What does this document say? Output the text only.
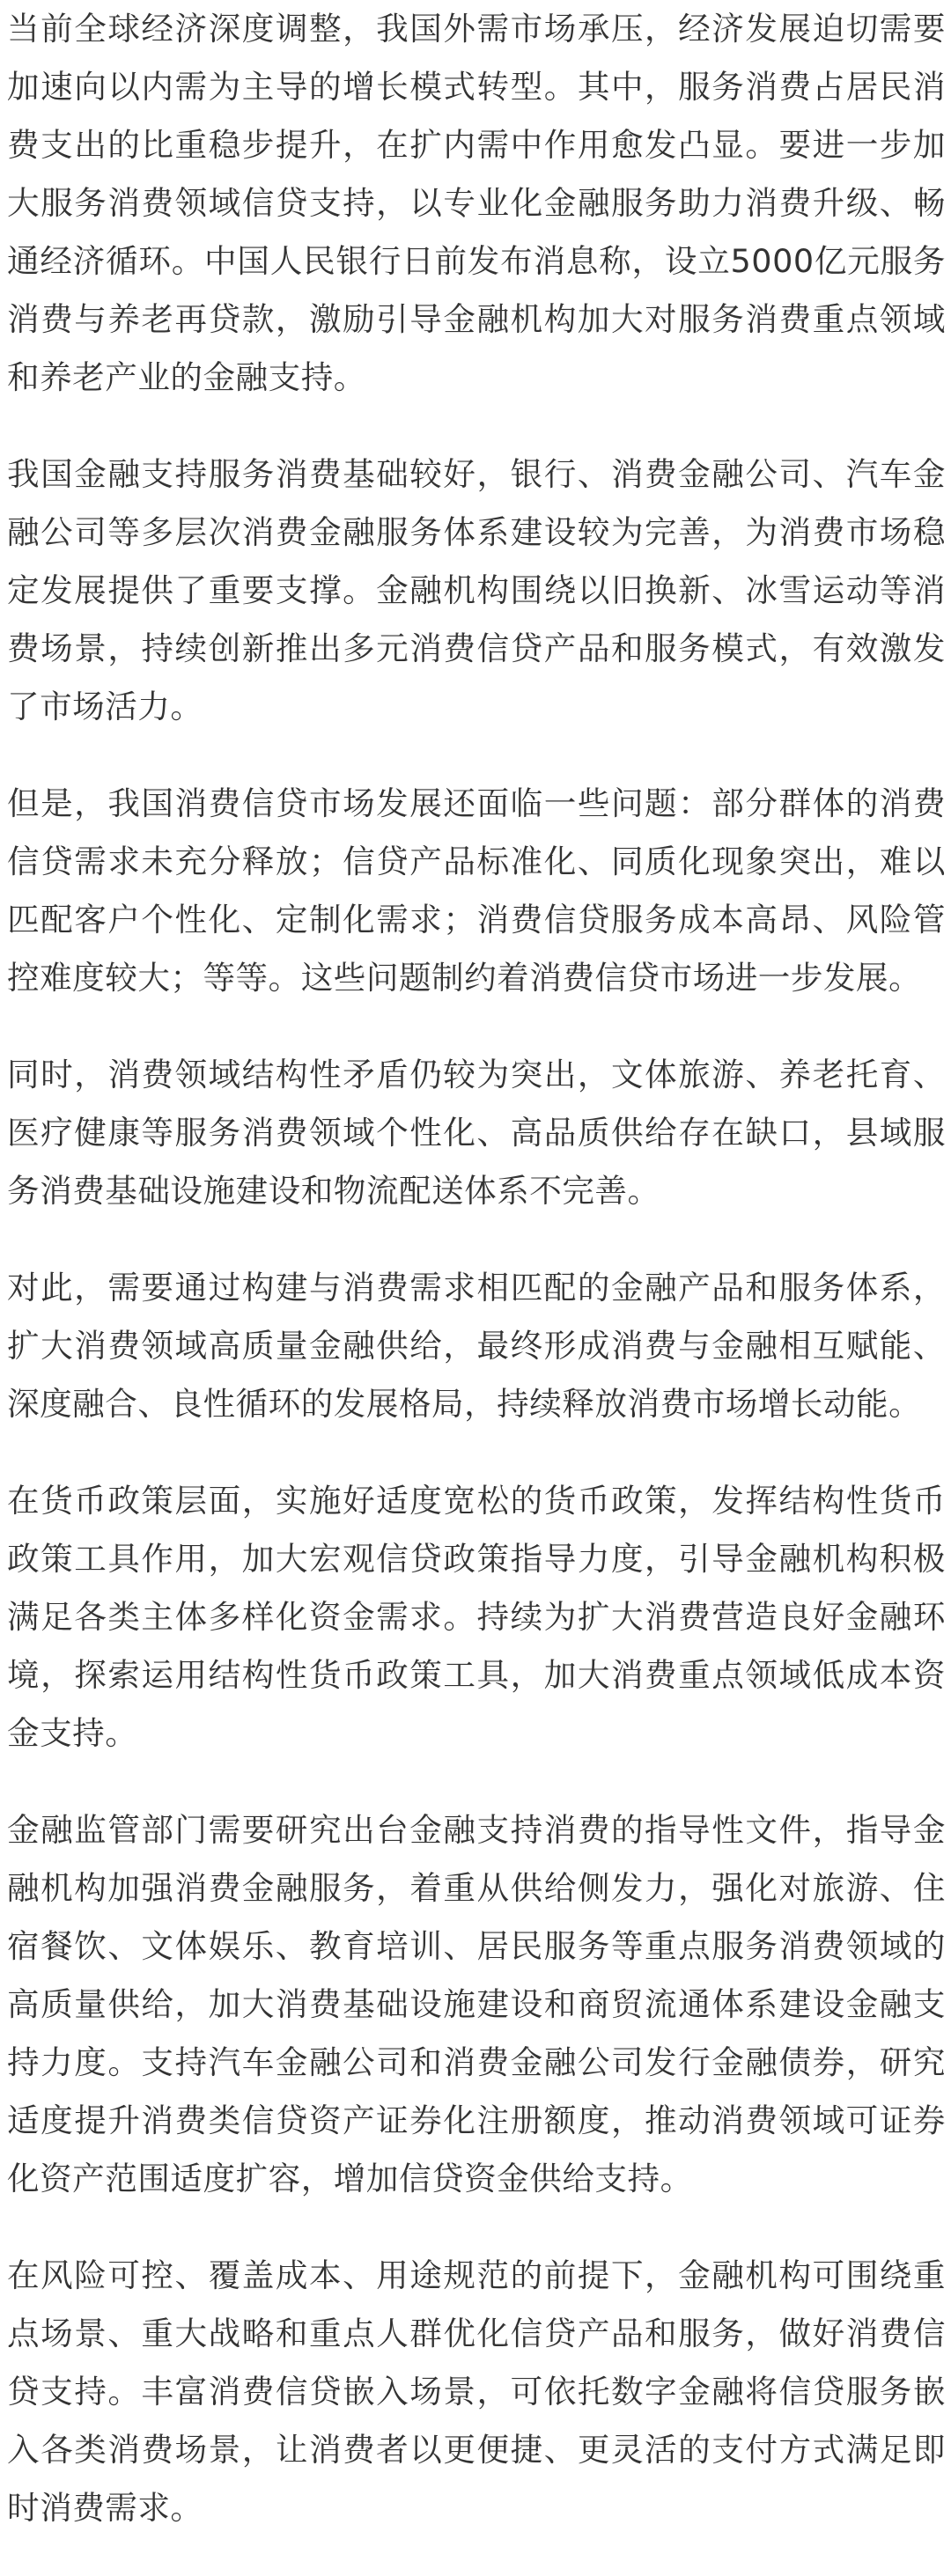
当前全球经济深度调整，我国外需市场承压，经济发展迫切需要加速向以内需为主导的增长模式转型。其中，服务消费占居民消费支出的比重稳步提升，在扩内需中作用愈发凸显。要进一步加大服务消费领域信贷支持，以专业化金融服务助力消费升级、畅通经济循环。中国人民银行日前发布消息称，设立5000亿元服务消费与养老再贷款，激励引导金融机构加大对服务消费重点领域和养老产业的金融支持。

我国金融支持服务消费基础较好，银行、消费金融公司、汽车金融公司等多层次消费金融服务体系建设较为完善，为消费市场稳定发展提供了重要支撑。金融机构围绕以旧换新、冰雪运动等消费场景，持续创新推出多元消费信贷产品和服务模式，有效激发了市场活力。

但是，我国消费信贷市场发展还面临一些问题：部分群体的消费信贷需求未充分释放；信贷产品标准化、同质化现象突出，难以匹配客户个性化、定制化需求；消费信贷服务成本高昂、风险管控难度较大；等等。这些问题制约着消费信贷市场进一步发展。

同时，消费领域结构性矛盾仍较为突出，文体旅游、养老托育、医疗健康等服务消费领域个性化、高品质供给存在缺口，县域服务消费基础设施建设和物流配送体系不完善。

对此，需要通过构建与消费需求相匹配的金融产品和服务体系，扩大消费领域高质量金融供给，最终形成消费与金融相互赋能、深度融合、良性循环的发展格局，持续释放消费市场增长动能。

在货币政策层面，实施好适度宽松的货币政策，发挥结构性货币政策工具作用，加大宏观信贷政策指导力度，引导金融机构积极满足各类主体多样化资金需求。持续为扩大消费营造良好金融环境，探索运用结构性货币政策工具，加大消费重点领域低成本资金支持。

金融监管部门需要研究出台金融支持消费的指导性文件，指导金融机构加强消费金融服务，着重从供给侧发力，强化对旅游、住宿餐饮、文体娱乐、教育培训、居民服务等重点服务消费领域的高质量供给，加大消费基础设施建设和商贸流通体系建设金融支持力度。支持汽车金融公司和消费金融公司发行金融债券，研究适度提升消费类信贷资产证券化注册额度，推动消费领域可证券化资产范围适度扩容，增加信贷资金供给支持。

在风险可控、覆盖成本、用途规范的前提下，金融机构可围绕重点场景、重大战略和重点人群优化信贷产品和服务，做好消费信贷支持。丰富消费信贷嵌入场景，可依托数字金融将信贷服务嵌入各类消费场景，让消费者以更便捷、更灵活的支付方式满足即时消费需求。
